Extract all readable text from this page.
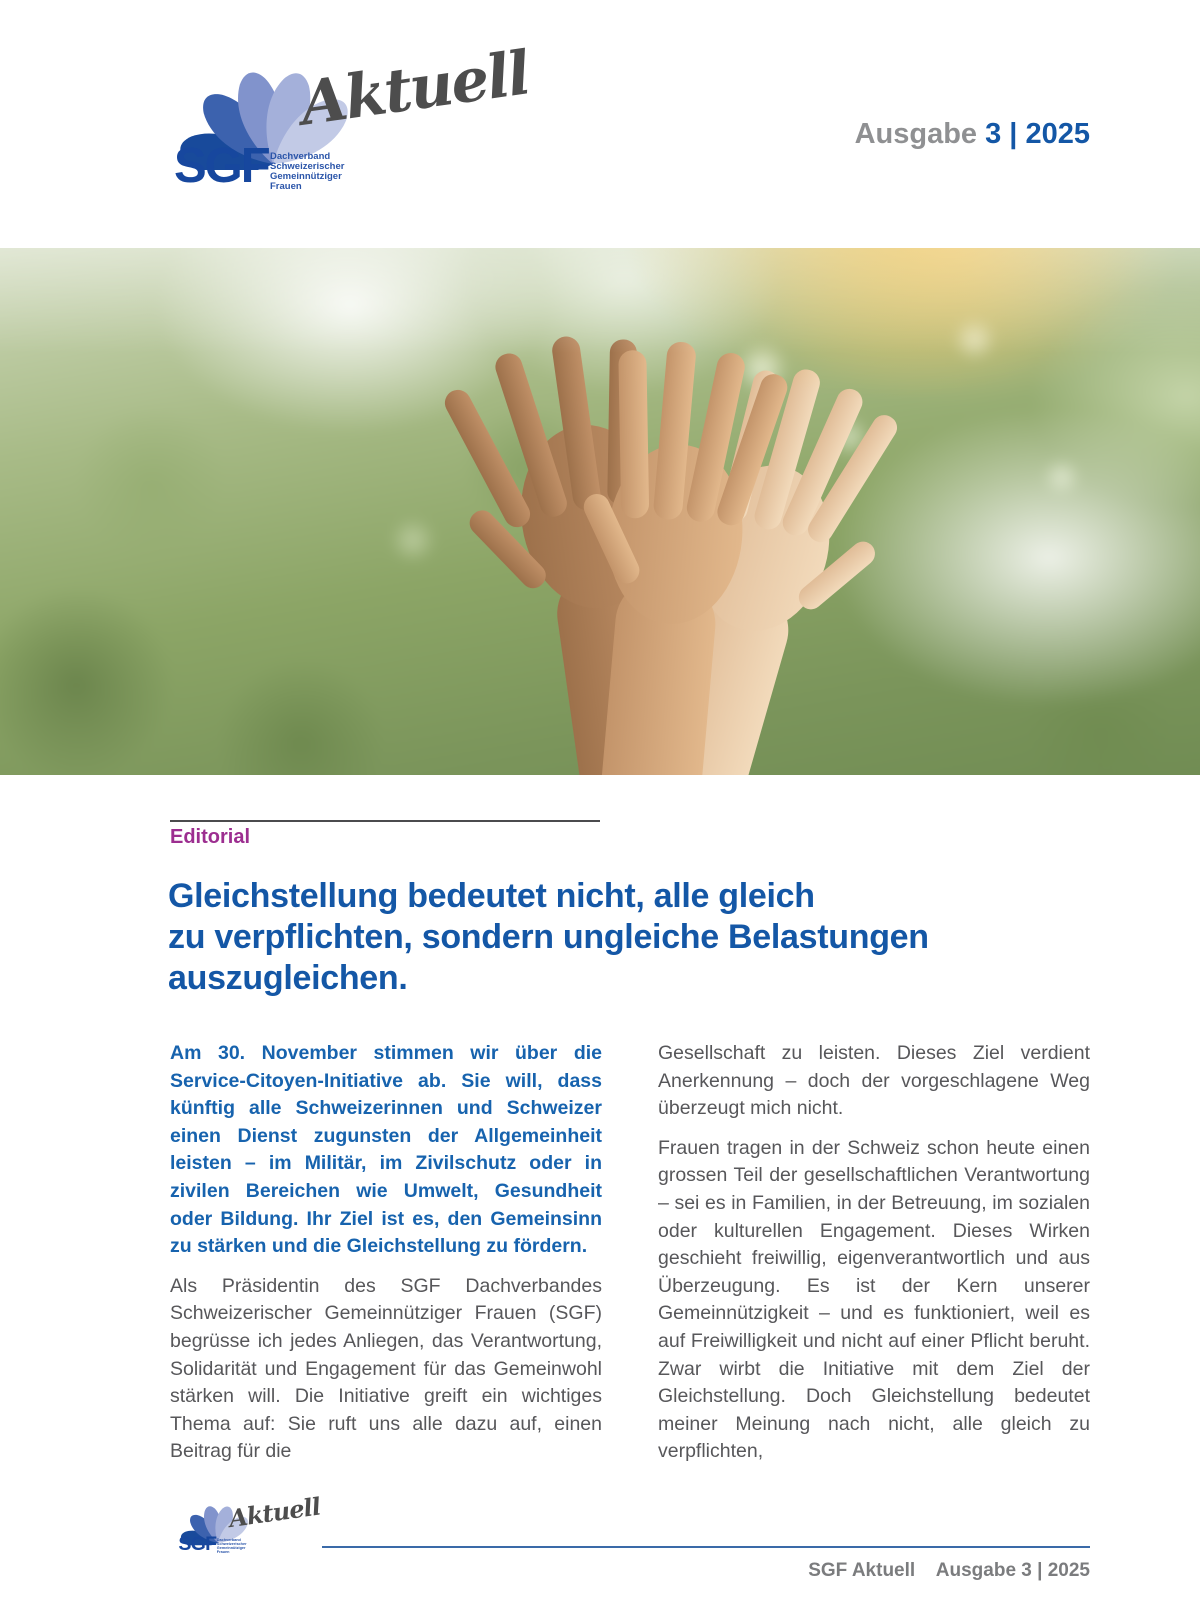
SGF Dachverband
Schweizerischer
Gemeinnütziger
Frauen
Aktuell	Ausgabe 3 | 2025
Editorial
Gleichstellung bedeutet nicht, alle gleich
zu verpflichten, sondern ungleiche Belastungen
auszugleichen.

Am 30. November stimmen wir über die Service-Citoyen-Initiative ab. Sie will, dass künftig alle Schweizerinnen und Schweizer einen Dienst zugunsten der Allgemeinheit leisten – im Militär, im Zivilschutz oder in zivilen Bereichen wie Umwelt, Gesundheit oder Bildung. Ihr Ziel ist es, den Gemeinsinn zu stärken und die Gleichstellung zu fördern.

Als Präsidentin des SGF Dachverbandes Schweizerischer Gemeinnütziger Frauen (SGF) begrüsse ich jedes Anliegen, das Verantwortung, Solidarität und Engagement für das Gemeinwohl stärken will. Die Initiative greift ein wichtiges Thema auf: Sie ruft uns alle dazu auf, einen Beitrag für die

Gesellschaft zu leisten. Dieses Ziel verdient Anerkennung – doch der vorgeschlagene Weg überzeugt mich nicht.

Frauen tragen in der Schweiz schon heute einen grossen Teil der gesellschaftlichen Verantwortung – sei es in Familien, in der Betreuung, im sozialen oder kulturellen Engagement. Dieses Wirken geschieht freiwillig, eigenverantwortlich und aus Überzeugung. Es ist der Kern unserer Gemeinnützigkeit – und es funktioniert, weil es auf Freiwilligkeit und nicht auf einer Pflicht beruht. Zwar wirbt die Initiative mit dem Ziel der Gleichstellung. Doch Gleichstellung bedeutet meiner Meinung nach nicht, alle gleich zu verpflichten,

SGF Dachverband
Schweizerischer
Gemeinnütziger
Frauen
Aktuell
SGF Aktuell Ausgabe 3 | 2025
